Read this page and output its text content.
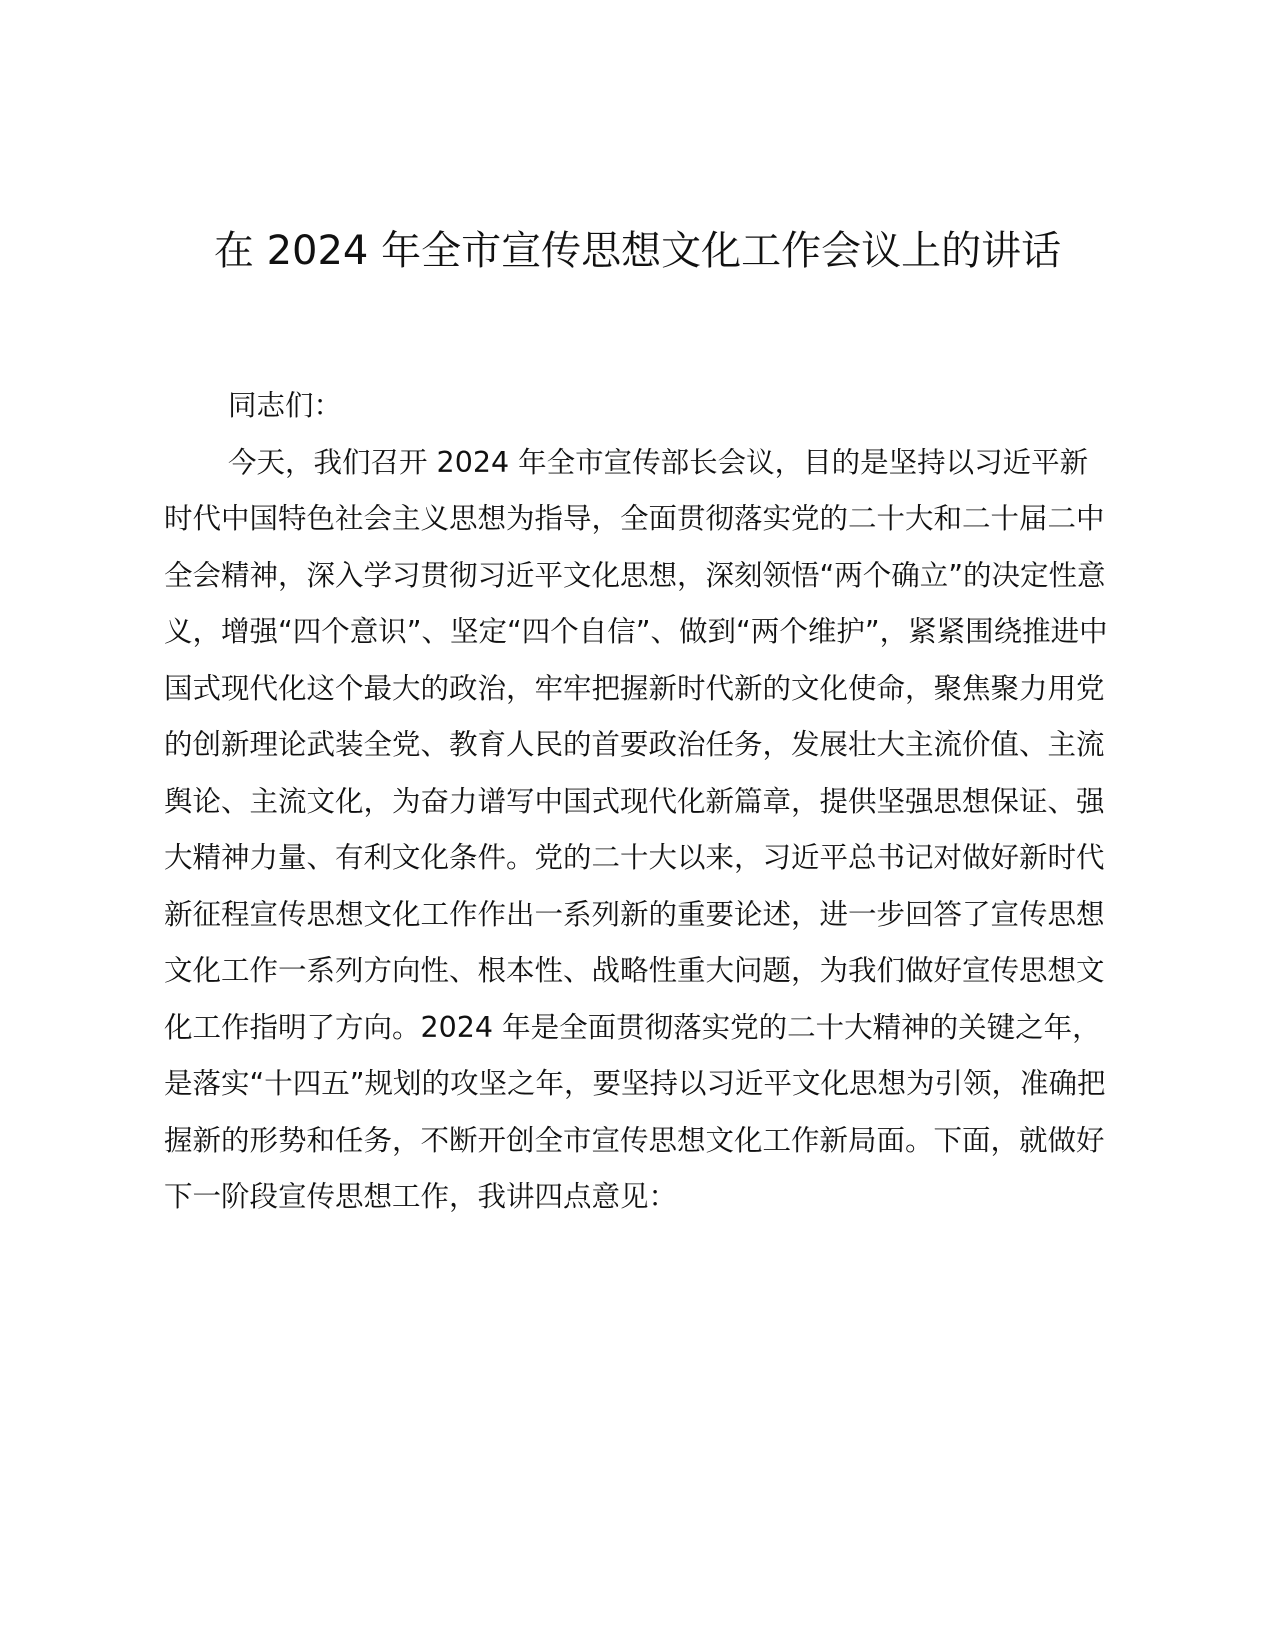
在 2024 年全市宣传思想文化工作会议上的讲话

同志们：

今天，我们召开 2024 年全市宣传部长会议，目的是坚持以习近平新时代中国特色社会主义思想为指导，全面贯彻落实党的二十大和二十届二中全会精神，深入学习贯彻习近平文化思想，深刻领悟“两个确立”的决定性意义，增强“四个意识”、坚定“四个自信”、做到“两个维护”，紧紧围绕推进中国式现代化这个最大的政治，牢牢把握新时代新的文化使命，聚焦聚力用党的创新理论武装全党、教育人民的首要政治任务，发展壮大主流价值、主流舆论、主流文化，为奋力谱写中国式现代化新篇章，提供坚强思想保证、强大精神力量、有利文化条件。党的二十大以来，习近平总书记对做好新时代新征程宣传思想文化工作作出一系列新的重要论述，进一步回答了宣传思想文化工作一系列方向性、根本性、战略性重大问题，为我们做好宣传思想文化工作指明了方向。2024 年是全面贯彻落实党的二十大精神的关键之年，是落实“十四五”规划的攻坚之年，要坚持以习近平文化思想为引领，准确把握新的形势和任务，不断开创全市宣传思想文化工作新局面。下面，就做好下一阶段宣传思想工作，我讲四点意见：
